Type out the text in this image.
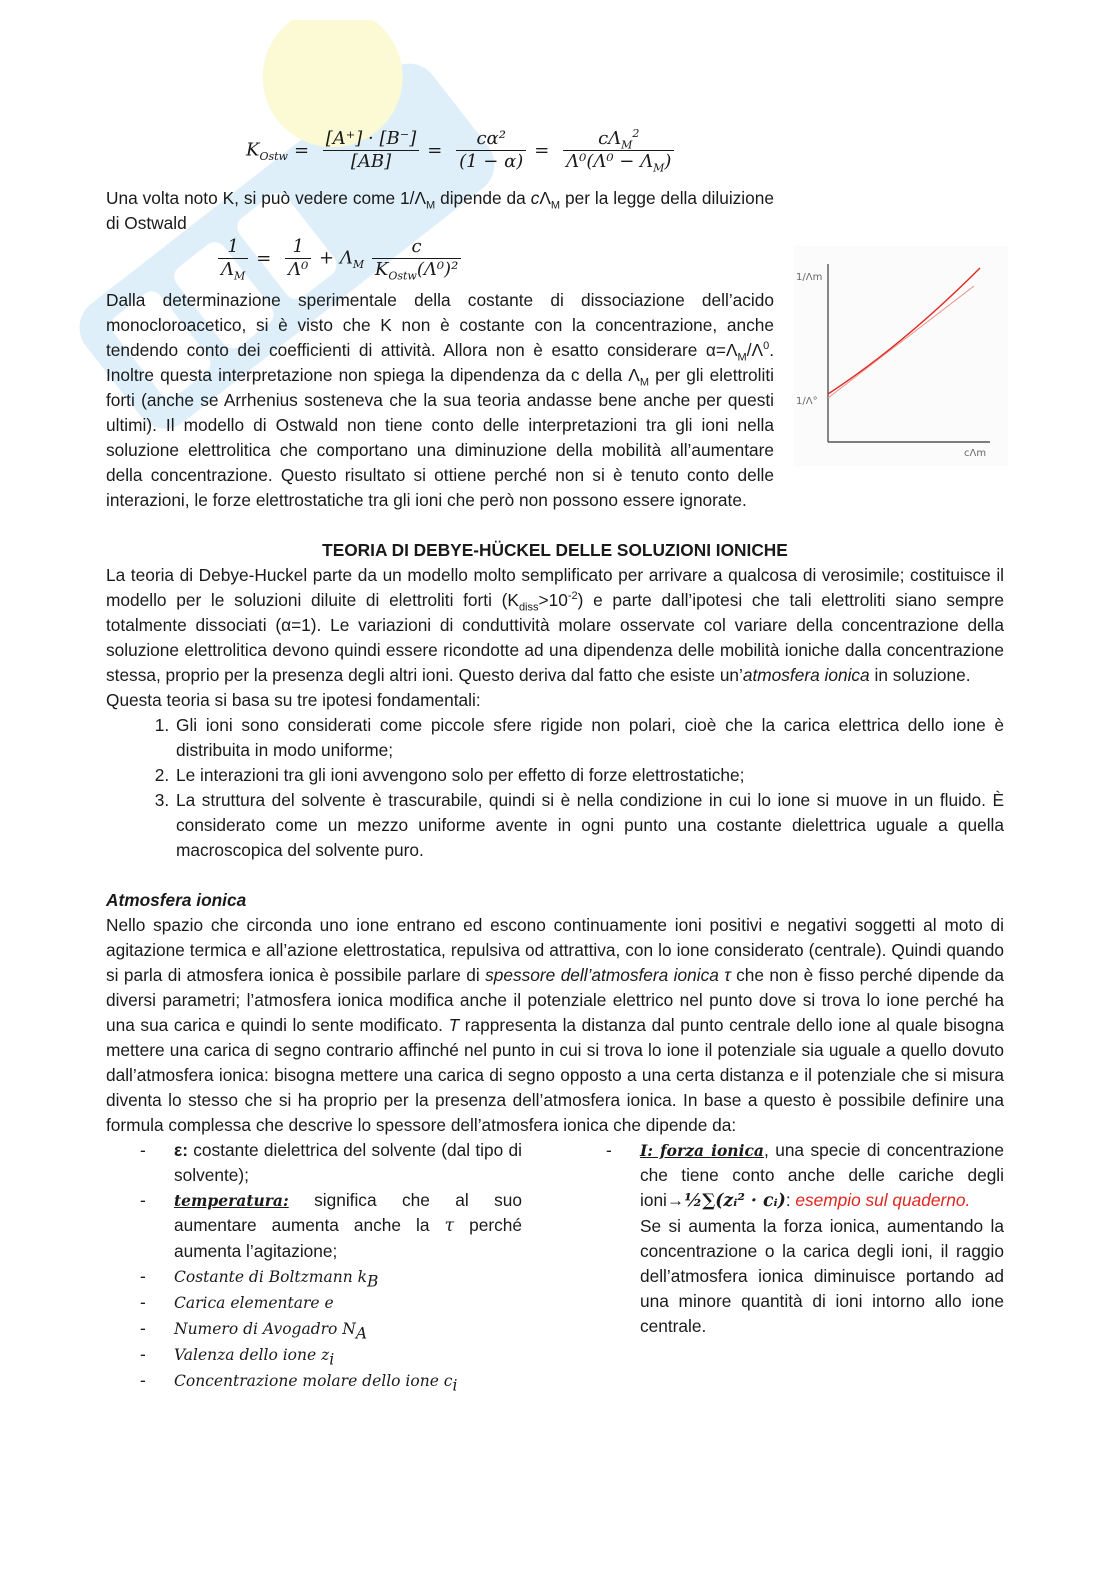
$K_{Ostw} = \frac{[A^+] \cdot [B^-]}{[AB]} = \frac{\text{cα²}}{(1 - \alpha)} = \frac{c\Lambda_M^2}{\Lambda^0(\Lambda^0 - \Lambda_M)}$

Una volta noto K, si può vedere come $1/\Lambda_M$ dipende da $c\Lambda_M$ per la legge della diluizione di Ostwald

$\frac{1}{\Lambda_M} = \frac{1}{\text{Λ⁰}} + \Lambda_M \frac{c}{K_{Ostw}(\Lambda^0)^2}$

Dalla determinazione sperimentale della costante di dissociazione dell’acido monocloroacetico, si è visto che K non è costante con la concentrazione, anche tendendo conto dei coefficienti di attività. Allora non è esatto considerare $\alpha=\Lambda_M/\Lambda^0$. Inoltre questa interpretazione non spiega la dipendenza da c della $\Lambda_M$ per gli elettroliti forti (anche se Arrhenius sosteneva che la sua teoria andasse bene anche per questi ultimi). Il modello di Ostwald non tiene conto delle interpretazioni tra gli ioni nella soluzione elettrolitica che comportano una diminuzione della mobilità all’aumentare della concentrazione. Questo risultato si ottiene perché non si è tenuto conto delle interazioni, le forze elettrostatiche tra gli ioni che però non possono essere ignorate.

1/Λm
1/Λ°
cΛm

TEORIA DI DEBYE-HÜCKEL DELLE SOLUZIONI IONICHE

La teoria di Debye-Huckel parte da un modello molto semplificato per arrivare a qualcosa di verosimile; costituisce il modello per le soluzioni diluite di elettroliti forti $(K_{diss}>10^{-2})$ e parte dall’ipotesi che tali elettroliti siano sempre totalmente dissociati (α=1). Le variazioni di conduttività molare osservate col variare della concentrazione della soluzione elettrolitica devono quindi essere ricondotte ad una dipendenza delle mobilità ioniche dalla concentrazione stessa, proprio per la presenza degli altri ioni. Questo deriva dal fatto che esiste un’atmosfera ionica in soluzione.

Questa teoria si basa su tre ipotesi fondamentali:

1. Gli ioni sono considerati come piccole sfere rigide non polari, cioè che la carica elettrica dello ione è distribuita in modo uniforme;
2. Le interazioni tra gli ioni avvengono solo per effetto di forze elettrostatiche;
3. La struttura del solvente è trascurabile, quindi si è nella condizione in cui lo ione si muove in un fluido. È considerato come un mezzo uniforme avente in ogni punto una costante dielettrica uguale a quella macroscopica del solvente puro.

Atmosfera ionica

Nello spazio che circonda uno ione entrano ed escono continuamente ioni positivi e negativi soggetti al moto di agitazione termica e all’azione elettrostatica, repulsiva od attrattiva, con lo ione considerato (centrale). Quindi quando si parla di atmosfera ionica è possibile parlare di spessore dell’atmosfera ionica τ che non è fisso perché dipende da diversi parametri; l’atmosfera ionica modifica anche il potenziale elettrico nel punto dove si trova lo ione perché ha una sua carica e quindi lo sente modificato. T rappresenta la distanza dal punto centrale dello ione al quale bisogna mettere una carica di segno contrario affinché nel punto in cui si trova lo ione il potenziale sia uguale a quello dovuto dall’atmosfera ionica: bisogna mettere una carica di segno opposto a una certa distanza e il potenziale che si misura diventa lo stesso che si ha proprio per la presenza dell’atmosfera ionica. In base a questo è possibile definire una formula complessa che descrive lo spessore dell’atmosfera ionica che dipende da:

- ε: costante dielettrica del solvente (dal tipo di solvente);
- temperatura: significa che al suo aumentare aumenta anche la τ perché aumenta l’agitazione;
- Costante di Boltzmann $k_B$
- Carica elementare e
- Numero di Avogadro $N_A$
- Valenza dello ione $z_i$
- Concentrazione molare dello ione $c_i$
- I: forza ionica, una specie di concentrazione che tiene conto anche delle cariche degli ioni→½∑(zᵢ² · cᵢ): esempio sul quaderno.
Se si aumenta la forza ionica, aumentando la concentrazione o la carica degli ioni, il raggio dell’atmosfera ionica diminuisce portando ad una minore quantità di ioni intorno allo ione centrale.
